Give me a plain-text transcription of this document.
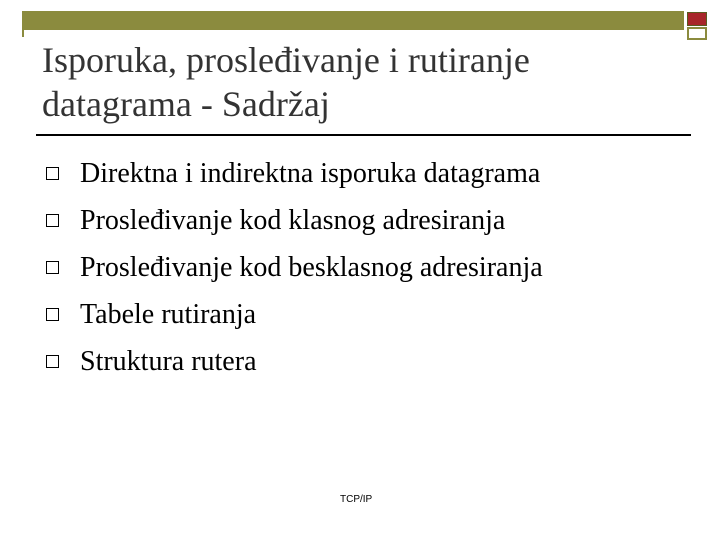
Isporuka, prosleđivanje i rutiranje datagrama - Sadržaj
Direktna i indirektna isporuka datagrama
Prosleđivanje kod klasnog adresiranja
Prosleđivanje kod besklasnog adresiranja
Tabele rutiranja
Struktura rutera
TCP/IP
